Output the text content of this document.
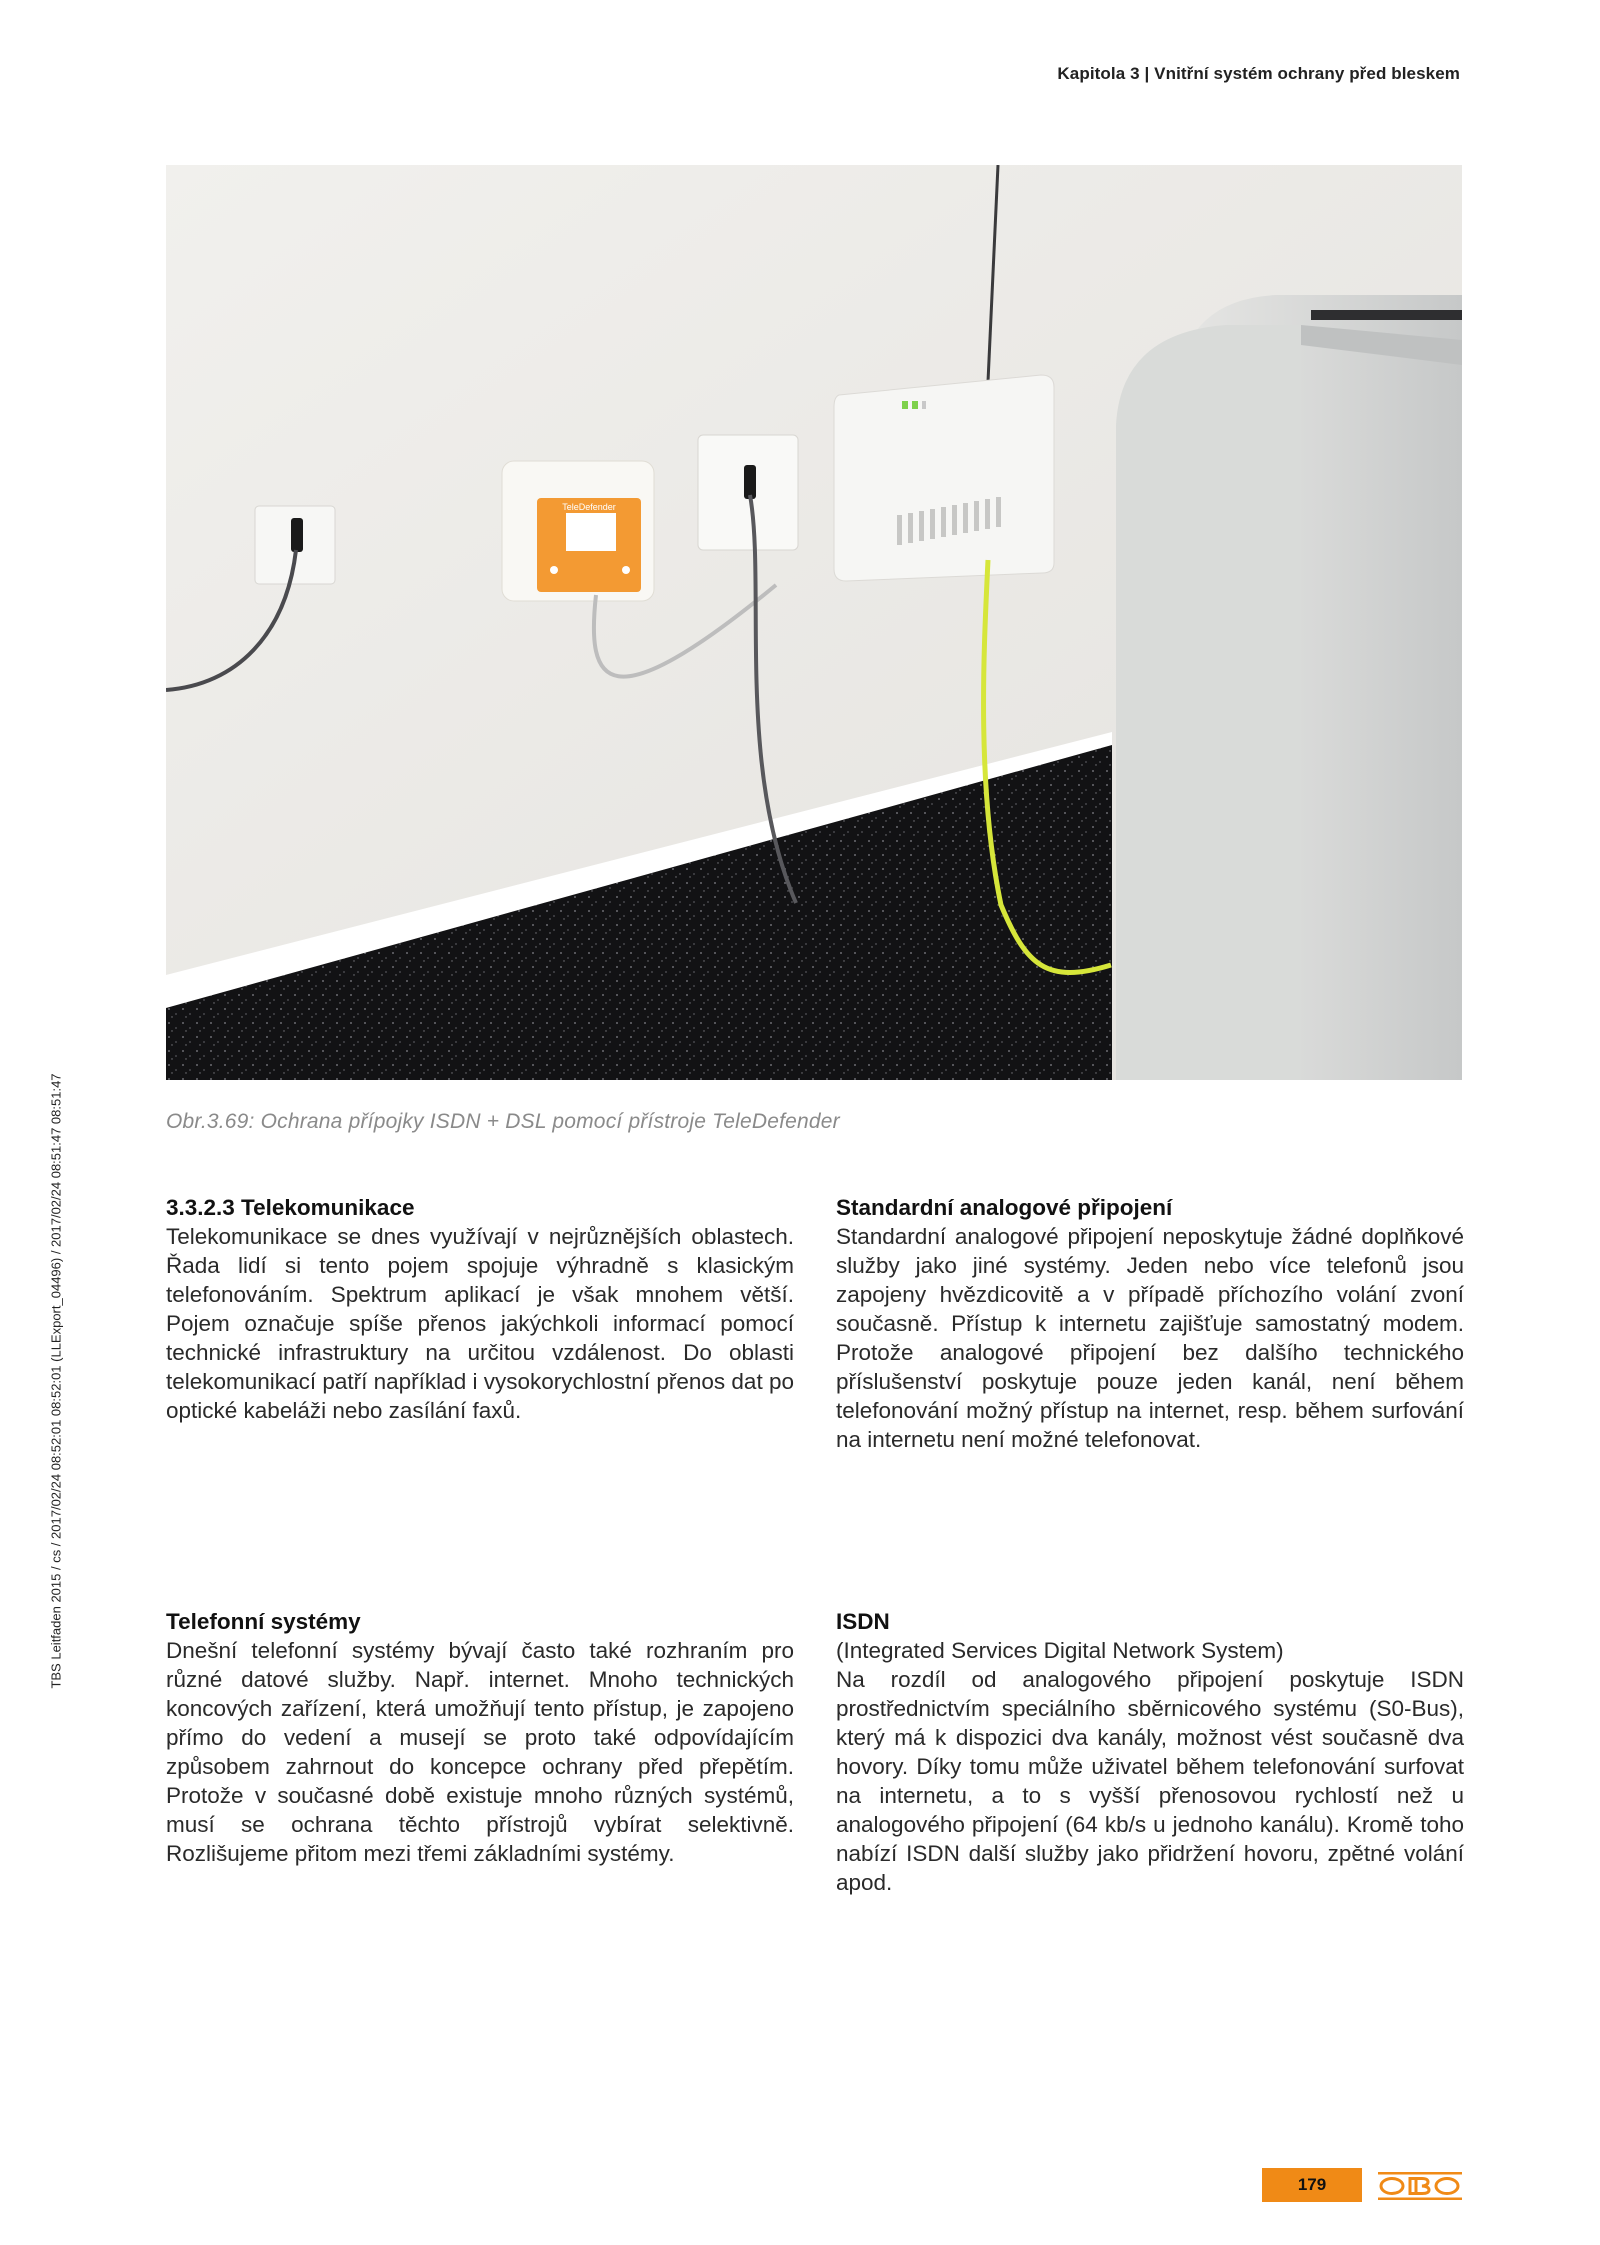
Kapitola 3 | Vnitřní systém ochrany před bleskem
TBS Leitfaden 2015 / cs / 2017/02/24 08:52:01 08:52:01 (LLExport_04496) / 2017/02/24 08:51:47 08:51:47
TeleDefender
Obr.3.69: Ochrana přípojky ISDN + DSL pomocí přístroje TeleDefender
3.3.2.3 Telekomunikace

Telekomunikace se dnes využívají v nejrůznějších oblastech. Řada lidí si tento pojem spojuje výhradně s klasickým telefonováním. Spektrum aplikací je však mnohem větší. Pojem označuje spíše přenos jakýchkoli informací pomocí technické infrastruktury na určitou vzdálenost. Do oblasti telekomunikací patří například i vysokorychlostní přenos dat po optické kabeláži nebo zasílání faxů.

Standardní analogové připojení

Standardní analogové připojení neposkytuje žádné doplňkové služby jako jiné systémy. Jeden nebo více telefonů jsou zapojeny hvězdicovitě a v případě příchozího volání zvoní současně. Přístup k internetu zajišťuje samostatný modem. Protože analogové připojení bez dalšího technického příslušenství poskytuje pouze jeden kanál, není během telefonování možný přístup na internet, resp. během surfování na internetu není možné telefonovat.

Telefonní systémy

Dnešní telefonní systémy bývají často také rozhraním pro různé datové služby. Např. internet. Mnoho technických koncových zařízení, která umožňují tento přístup, je zapojeno přímo do vedení a musejí se proto také odpovídajícím způsobem zahrnout do koncepce ochrany před přepětím. Protože v současné době existuje mnoho různých systémů, musí se ochrana těchto přístrojů vybírat selektivně. Rozlišujeme přitom mezi třemi základními systémy.

ISDN

(Integrated Services Digital Network System)

Na rozdíl od analogového připojení poskytuje ISDN prostřednictvím speciálního sběrnicového systému (S0-Bus), který má k dispozici dva kanály, možnost vést současně dva hovory. Díky tomu může uživatel během telefonování surfovat na internetu, a to s vyšší přenosovou rychlostí než u analogového připojení (64 kb/s u jednoho kanálu). Kromě toho nabízí ISDN další služby jako přidržení hovoru, zpětné volání apod.

179
